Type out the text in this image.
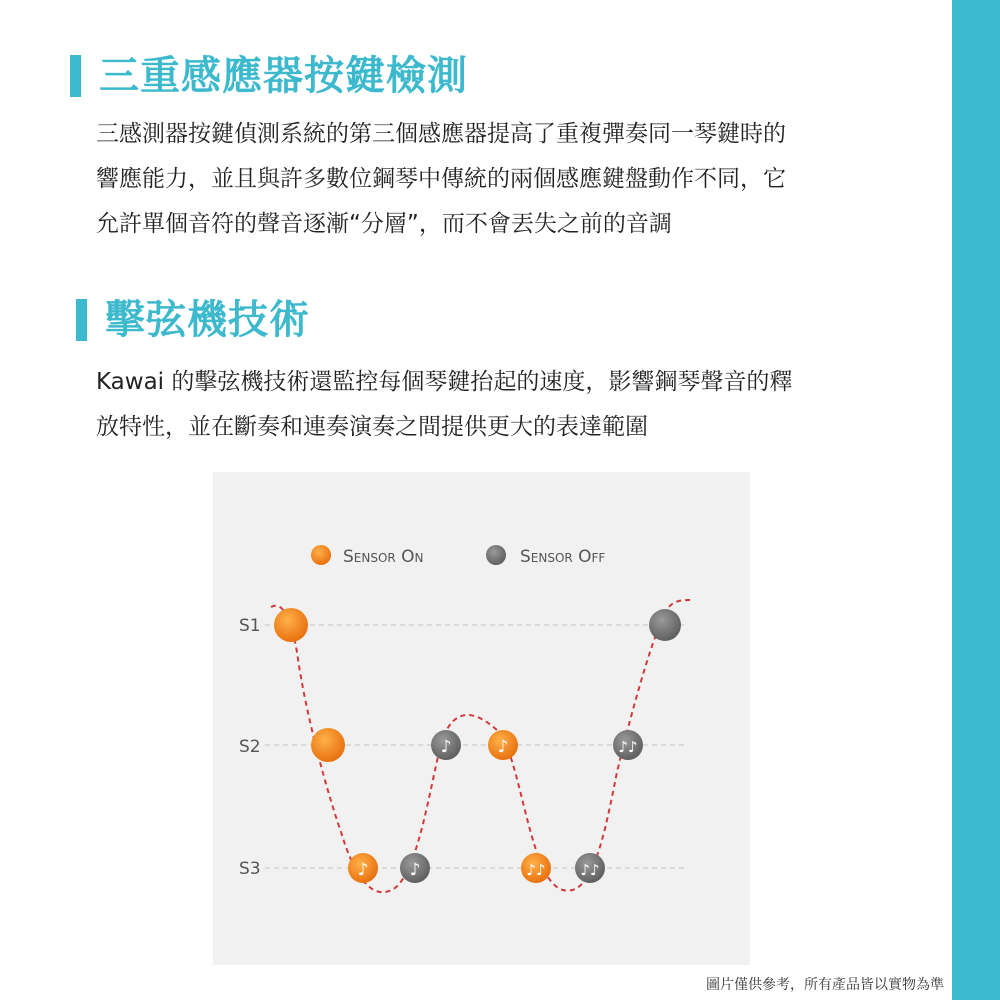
三重感應器按鍵檢測
三感測器按鍵偵測系統的第三個感應器提高了重複彈奏同一琴鍵時的
響應能力，並且與許多數位鋼琴中傳統的兩個感應鍵盤動作不同，它
允許單個音符的聲音逐漸“分層”，而不會丟失之前的音調
擊弦機技術
Kawai 的擊弦機技術還監控每個琴鍵抬起的速度，影響鋼琴聲音的釋
放特性，並在斷奏和連奏演奏之間提供更大的表達範圍
Sensor On	Sensor Off
S1
S2
S3	♪ ♪
♪	♪
♪♪ ♪♪
♪♪
圖片僅供參考，所有產品皆以實物為準
